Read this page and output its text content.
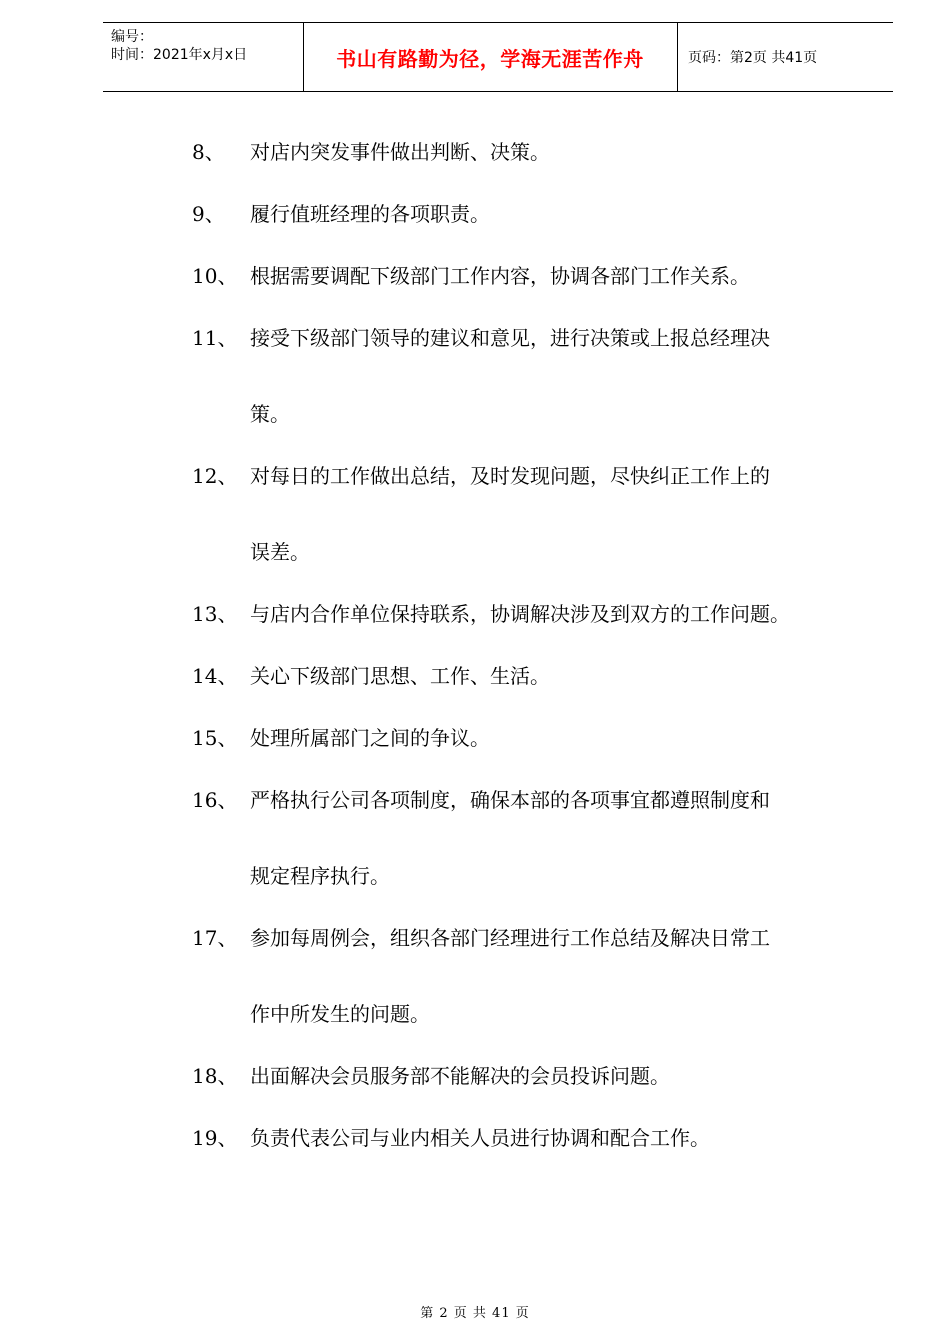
编号：
时间：2021年x月x日	书山有路勤为径，学海无涯苦作舟	页码：第2页 共41页
8、 对店内突发事件做出判断、决策。
9、 履行值班经理的各项职责。
10、 根据需要调配下级部门工作内容，协调各部门工作关系。
11、 接受下级部门领导的建议和意见，进行决策或上报总经理决
策。
12、 对每日的工作做出总结，及时发现问题，尽快纠正工作上的
误差。
13、 与店内合作单位保持联系，协调解决涉及到双方的工作问题。
14、 关心下级部门思想、工作、生活。
15、 处理所属部门之间的争议。
16、 严格执行公司各项制度，确保本部的各项事宜都遵照制度和
规定程序执行。
17、 参加每周例会，组织各部门经理进行工作总结及解决日常工
作中所发生的问题。
18、 出面解决会员服务部不能解决的会员投诉问题。
19、 负责代表公司与业内相关人员进行协调和配合工作。
第 2 页 共 41 页
